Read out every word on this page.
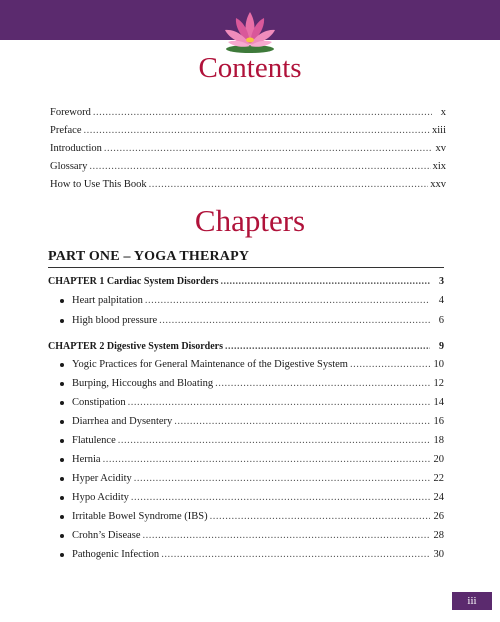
Contents
Foreword .....	x
Preface .....	xiii
Introduction .....	xv
Glossary .....	xix
How to Use This Book .....	xxv
Chapters
PART ONE – YOGA THERAPY
CHAPTER 1 Cardiac System Disorders .....	3
Heart palpitation .....	4
High blood pressure .....	6
CHAPTER 2 Digestive System Disorders .....	9
Yogic Practices for General Maintenance of the Digestive System .....	10
Burping, Hiccoughs and Bloating .....	12
Constipation .....	14
Diarrhea and Dysentery .....	16
Flatulence .....	18
Hernia .....	20
Hyper Acidity .....	22
Hypo Acidity .....	24
Irritable Bowel Syndrome (IBS) .....	26
Crohn’s Disease .....	28
Pathogenic Infection .....	30
iii
